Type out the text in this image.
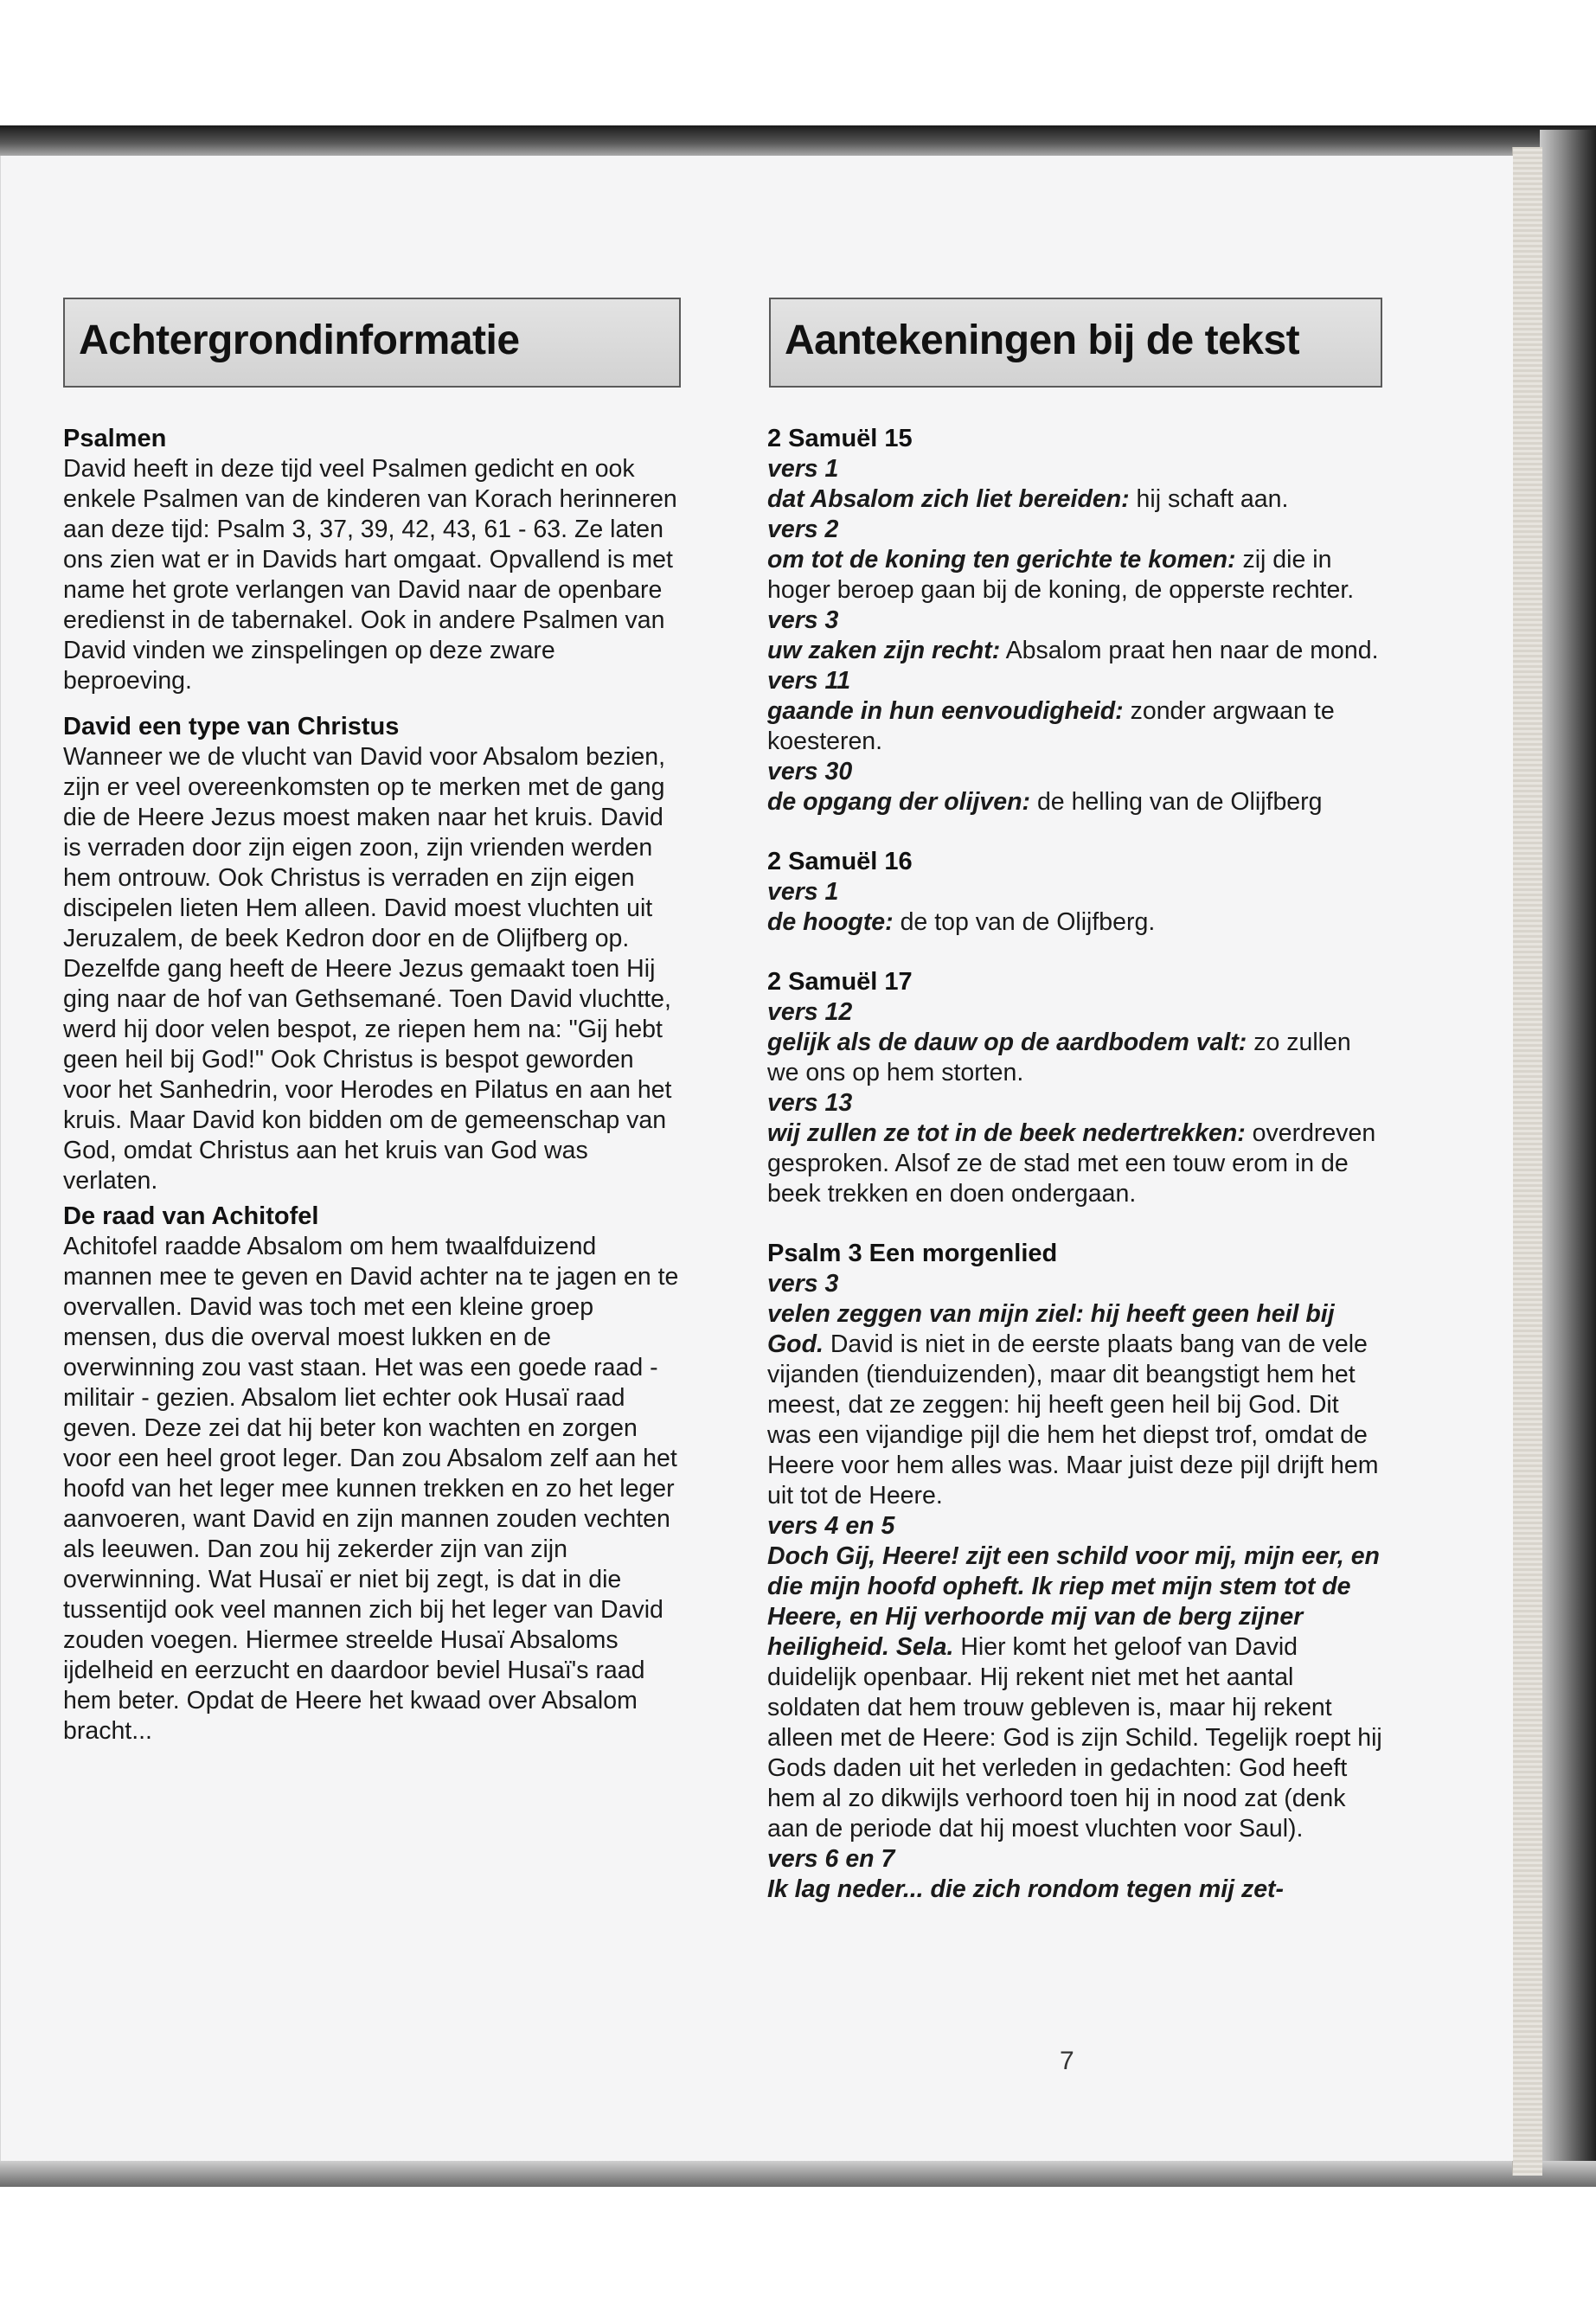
Achtergrondinformatie	Aantekeningen bij de tekst
Psalmen

David heeft in deze tijd veel Psalmen gedicht en ook enkele Psalmen van de kinderen van Korach herinneren aan deze tijd: Psalm 3, 37, 39, 42, 43, 61 - 63. Ze laten ons zien wat er in Davids hart omgaat. Opvallend is met name het grote verlangen van David naar de openbare eredienst in de tabernakel. Ook in andere Psalmen van David vinden we zinspelingen op deze zware beproeving.

David een type van Christus

Wanneer we de vlucht van David voor Absalom bezien, zijn er veel overeenkomsten op te merken met de gang die de Heere Jezus moest maken naar het kruis. David is verraden door zijn eigen zoon, zijn vrienden werden hem ontrouw. Ook Christus is verraden en zijn eigen discipelen lieten Hem alleen. David moest vluchten uit Jeruzalem, de beek Kedron door en de Olijfberg op. Dezelfde gang heeft de Heere Jezus gemaakt toen Hij ging naar de hof van Gethsemané. Toen David vluchtte, werd hij door velen bespot, ze riepen hem na: "Gij hebt geen heil bij God!" Ook Christus is bespot geworden voor het Sanhedrin, voor Herodes en Pilatus en aan het kruis. Maar David kon bidden om de gemeenschap van God, omdat Christus aan het kruis van God was verlaten.

De raad van Achitofel

Achitofel raadde Absalom om hem twaalfduizend mannen mee te geven en David achter na te jagen en te overvallen. David was toch met een kleine groep mensen, dus die overval moest lukken en de overwinning zou vast staan. Het was een goede raad - militair - gezien. Absalom liet echter ook Husaï raad geven. Deze zei dat hij beter kon wachten en zorgen voor een heel groot leger. Dan zou Absalom zelf aan het hoofd van het leger mee kunnen trekken en zo het leger aanvoeren, want David en zijn mannen zouden vechten als leeuwen. Dan zou hij zekerder zijn van zijn overwinning. Wat Husaï er niet bij zegt, is dat in die tussentijd ook veel mannen zich bij het leger van David zouden voegen. Hiermee streelde Husaï Absaloms ijdelheid en eerzucht en daardoor beviel Husaï's raad hem beter. Opdat de Heere het kwaad over Absalom bracht...

2 Samuël 15
vers 1

dat Absalom zich liet bereiden: hij schaft aan.

vers 2

om tot de koning ten gerichte te komen: zij die in hoger beroep gaan bij de koning, de opperste rechter.

vers 3

uw zaken zijn recht: Absalom praat hen naar de mond.

vers 11

gaande in hun eenvoudigheid: zonder argwaan te koesteren.

vers 30

de opgang der olijven: de helling van de Olijfberg

2 Samuël 16
vers 1

de hoogte: de top van de Olijfberg.

2 Samuël 17
vers 12

gelijk als de dauw op de aardbodem valt: zo zullen we ons op hem storten.

vers 13

wij zullen ze tot in de beek nedertrekken: overdreven gesproken. Alsof ze de stad met een touw erom in de beek trekken en doen ondergaan.

Psalm 3 Een morgenlied
vers 3

velen zeggen van mijn ziel: hij heeft geen heil bij God. David is niet in de eerste plaats bang van de vele vijanden (tienduizenden), maar dit beangstigt hem het meest, dat ze zeggen: hij heeft geen heil bij God. Dit was een vijandige pijl die hem het diepst trof, omdat de Heere voor hem alles was. Maar juist deze pijl drijft hem uit tot de Heere.

vers 4 en 5

Doch Gij, Heere! zijt een schild voor mij, mijn eer, en die mijn hoofd opheft. Ik riep met mijn stem tot de Heere, en Hij verhoorde mij van de berg zijner heiligheid. Sela. Hier komt het geloof van David duidelijk openbaar. Hij rekent niet met het aantal soldaten dat hem trouw gebleven is, maar hij rekent alleen met de Heere: God is zijn Schild. Tegelijk roept hij Gods daden uit het verleden in gedachten: God heeft hem al zo dikwijls verhoord toen hij in nood zat (denk aan de periode dat hij moest vluchten voor Saul).

vers 6 en 7

Ik lag neder... die zich rondom tegen mij zet-

7
